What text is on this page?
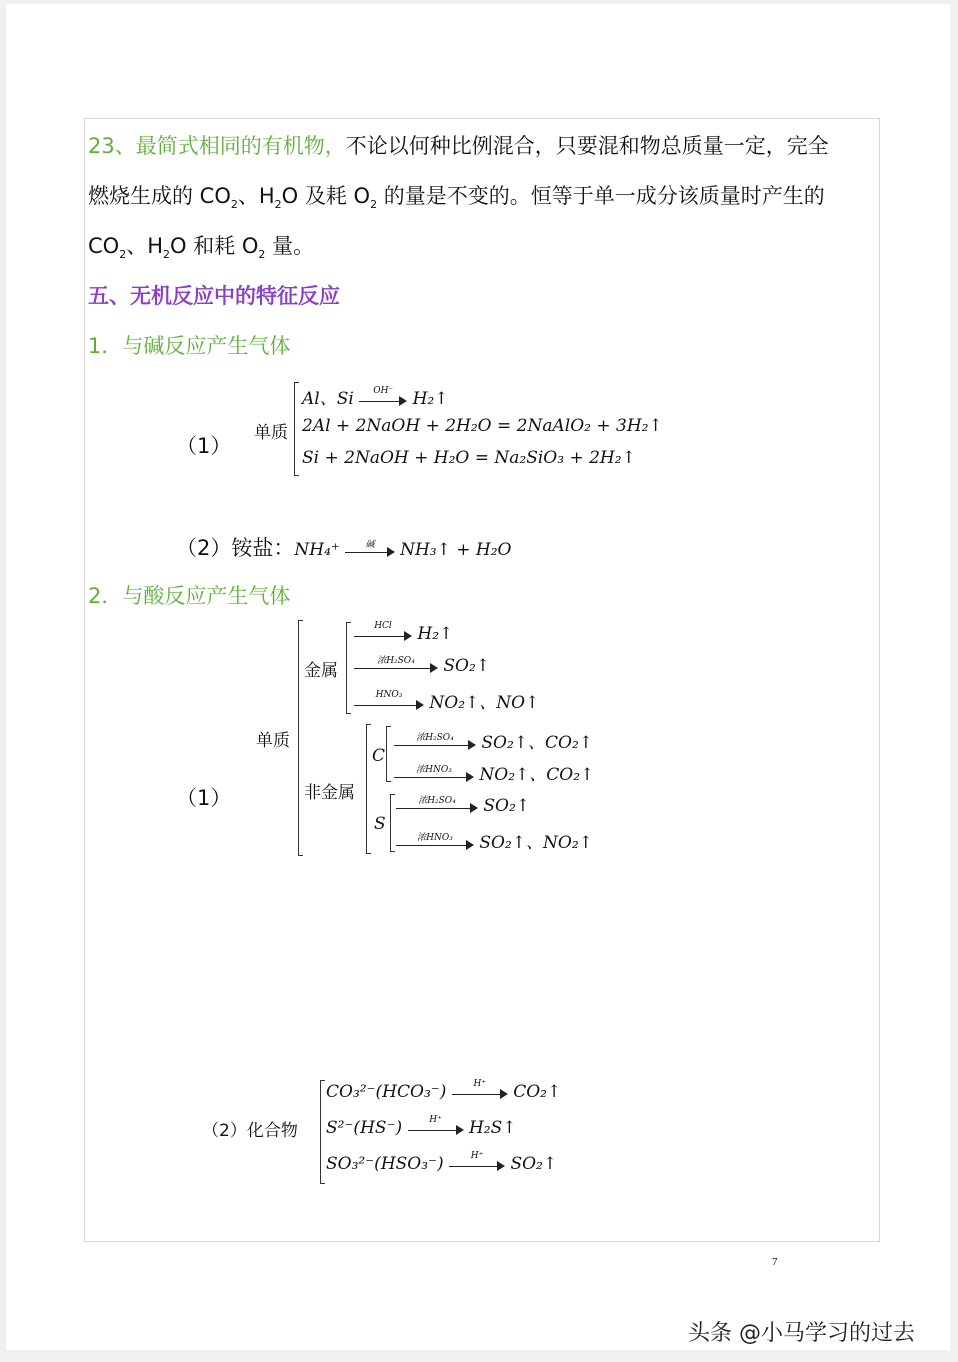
23、最简式相同的有机物，不论以何种比例混合，只要混和物总质量一定，完全
燃烧生成的 $CO_2$、$H_2O$ 及耗 $O_2$ 的量是不变的。恒等于单一成分该质量时产生的
$CO_2$、$H_2O$ 和耗 $O_2$ 量。
五、无机反应中的特征反应
1．与碱反应产生气体
（1）
单质
Al、Si	OH⁻	H₂↑
2Al + 2NaOH + 2H₂O = 2NaAlO₂ + 3H₂↑
Si + 2NaOH + H₂O = Na₂SiO₃ + 2H₂↑
（2）铵盐：NH₄⁺	碱	NH₃↑ + H₂O
2．与酸反应产生气体
单质
（1）
金属
HCl	H₂↑
浓H₂SO₄	SO₂↑
HNO₃	NO₂↑、NO↑
非金属
C
浓H₂SO₄	SO₂↑、CO₂↑
浓HNO₃	NO₂↑、CO₂↑
S
浓H₂SO₄	SO₂↑
浓HNO₃	SO₂↑、NO₂↑
（2）化合物
CO₃²⁻(HCO₃⁻)	H⁺	CO₂↑
S²⁻(HS⁻)	H⁺	H₂S↑
SO₃²⁻(HSO₃⁻)	H⁺	SO₂↑
7
头条 @小马学习的过去
